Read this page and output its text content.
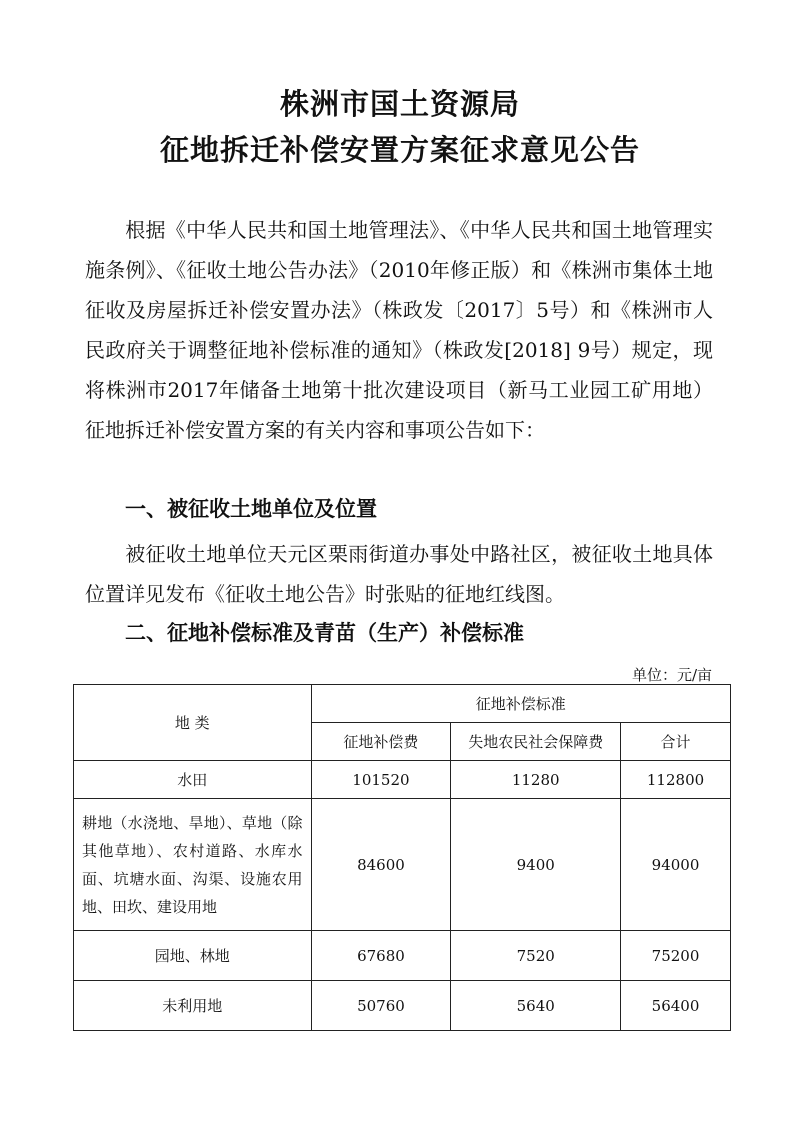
株洲市国土资源局
征地拆迁补偿安置方案征求意见公告
根据《中华人民共和国土地管理法》、《中华人民共和国土地管理实施条例》、《征收土地公告办法》（2010年修正版）和《株洲市集体土地征收及房屋拆迁补偿安置办法》（株政发〔2017〕5号）和《株洲市人民政府关于调整征地补偿标准的通知》（株政发[2018] 9号）规定，现将株洲市2017年储备土地第十批次建设项目（新马工业园工矿用地）征地拆迁补偿安置方案的有关内容和事项公告如下：
一、被征收土地单位及位置
被征收土地单位天元区栗雨街道办事处中路社区，被征收土地具体位置详见发布《征收土地公告》时张贴的征地红线图。
二、征地补偿标准及青苗（生产）补偿标准
单位：元/亩
地 类	征地补偿标准		
	征地补偿费	失地农民社会保障费	合计
水田	101520	11280	112800
耕地（水浇地、旱地）、草地（除其他草地）、农村道路、水库水面、坑塘水面、沟渠、设施农用地、田坎、建设用地	84600	9400	94000
园地、林地	67680	7520	75200
未利用地	50760	5640	56400
